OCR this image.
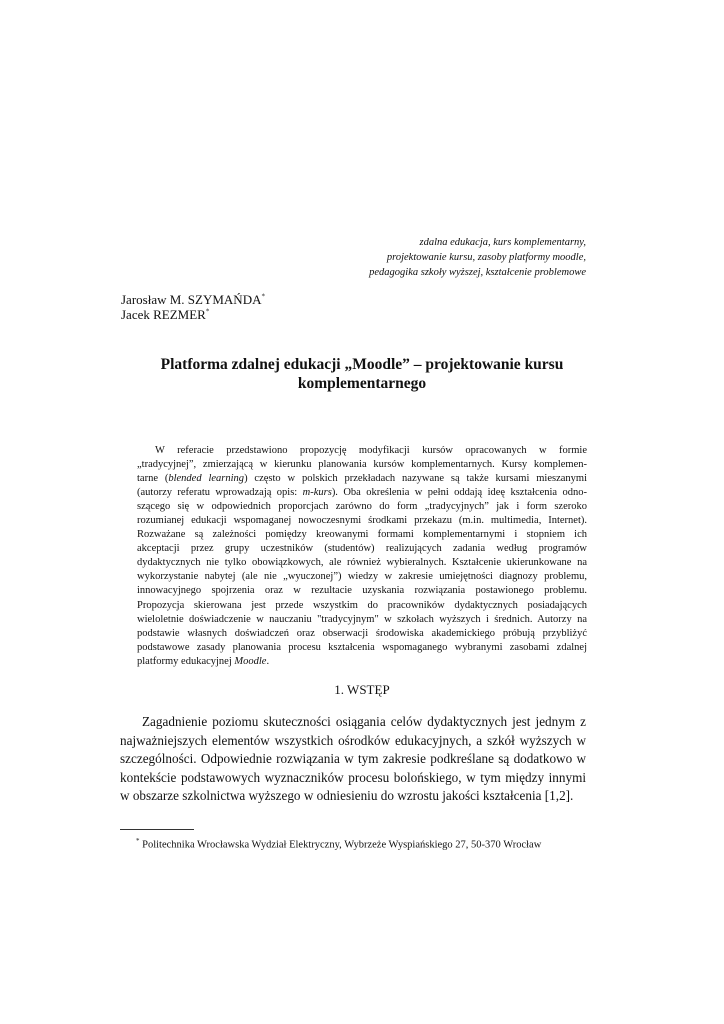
zdalna edukacja, kurs komplementarny,
projektowanie kursu, zasoby platformy moodle,
pedagogika szkoły wyższej, kształcenie problemowe
Jarosław M. SZYMAŃDA*
Jacek REZMER*
Platforma zdalnej edukacji „Moodle” – projektowanie kursu
komplementarnego
W referacie przedstawiono propozycję modyfikacji kursów opracowanych w formie
„tradycyjnej”, zmierzającą w kierunku planowania kursów komplementarnych. Kursy komplemen-
tarne (blended learning) często w polskich przekładach nazywane są także kursami mieszanymi
(autorzy referatu wprowadzają opis: m-kurs). Oba określenia w pełni oddają ideę kształcenia odno-
szącego się w odpowiednich proporcjach zarówno do form „tradycyjnych” jak i form szeroko
rozumianej edukacji wspomaganej nowoczesnymi środkami przekazu (m.in. multimedia, Internet).
Rozważane są zależności pomiędzy kreowanymi formami komplementarnymi i stopniem ich
akceptacji przez grupy uczestników (studentów) realizujących zadania według programów
dydaktycznych nie tylko obowiązkowych, ale również wybieralnych. Kształcenie ukierunkowane na
wykorzystanie nabytej (ale nie „wyuczonej”) wiedzy w zakresie umiejętności diagnozy problemu,
innowacyjnego spojrzenia oraz w rezultacie uzyskania rozwiązania postawionego problemu.
Propozycja skierowana jest przede wszystkim do pracowników dydaktycznych posiadających
wieloletnie doświadczenie w nauczaniu "tradycyjnym" w szkołach wyższych i średnich. Autorzy na
podstawie własnych doświadczeń oraz obserwacji środowiska akademickiego próbują przybliżyć
podstawowe zasady planowania procesu kształcenia wspomaganego wybranymi zasobami zdalnej
platformy edukacyjnej Moodle.
1. WSTĘP
Zagadnienie poziomu skuteczności osiągania celów dydaktycznych jest jednym z
najważniejszych elementów wszystkich ośrodków edukacyjnych, a szkół wyższych w
szczególności. Odpowiednie rozwiązania w tym zakresie podkreślane są dodatkowo w
kontekście podstawowych wyznaczników procesu bolońskiego, w tym między innymi
w obszarze szkolnictwa wyższego w odniesieniu do wzrostu jakości kształcenia [1,2].
* Politechnika Wrocławska Wydział Elektryczny, Wybrzeże Wyspiańskiego 27, 50-370 Wrocław
